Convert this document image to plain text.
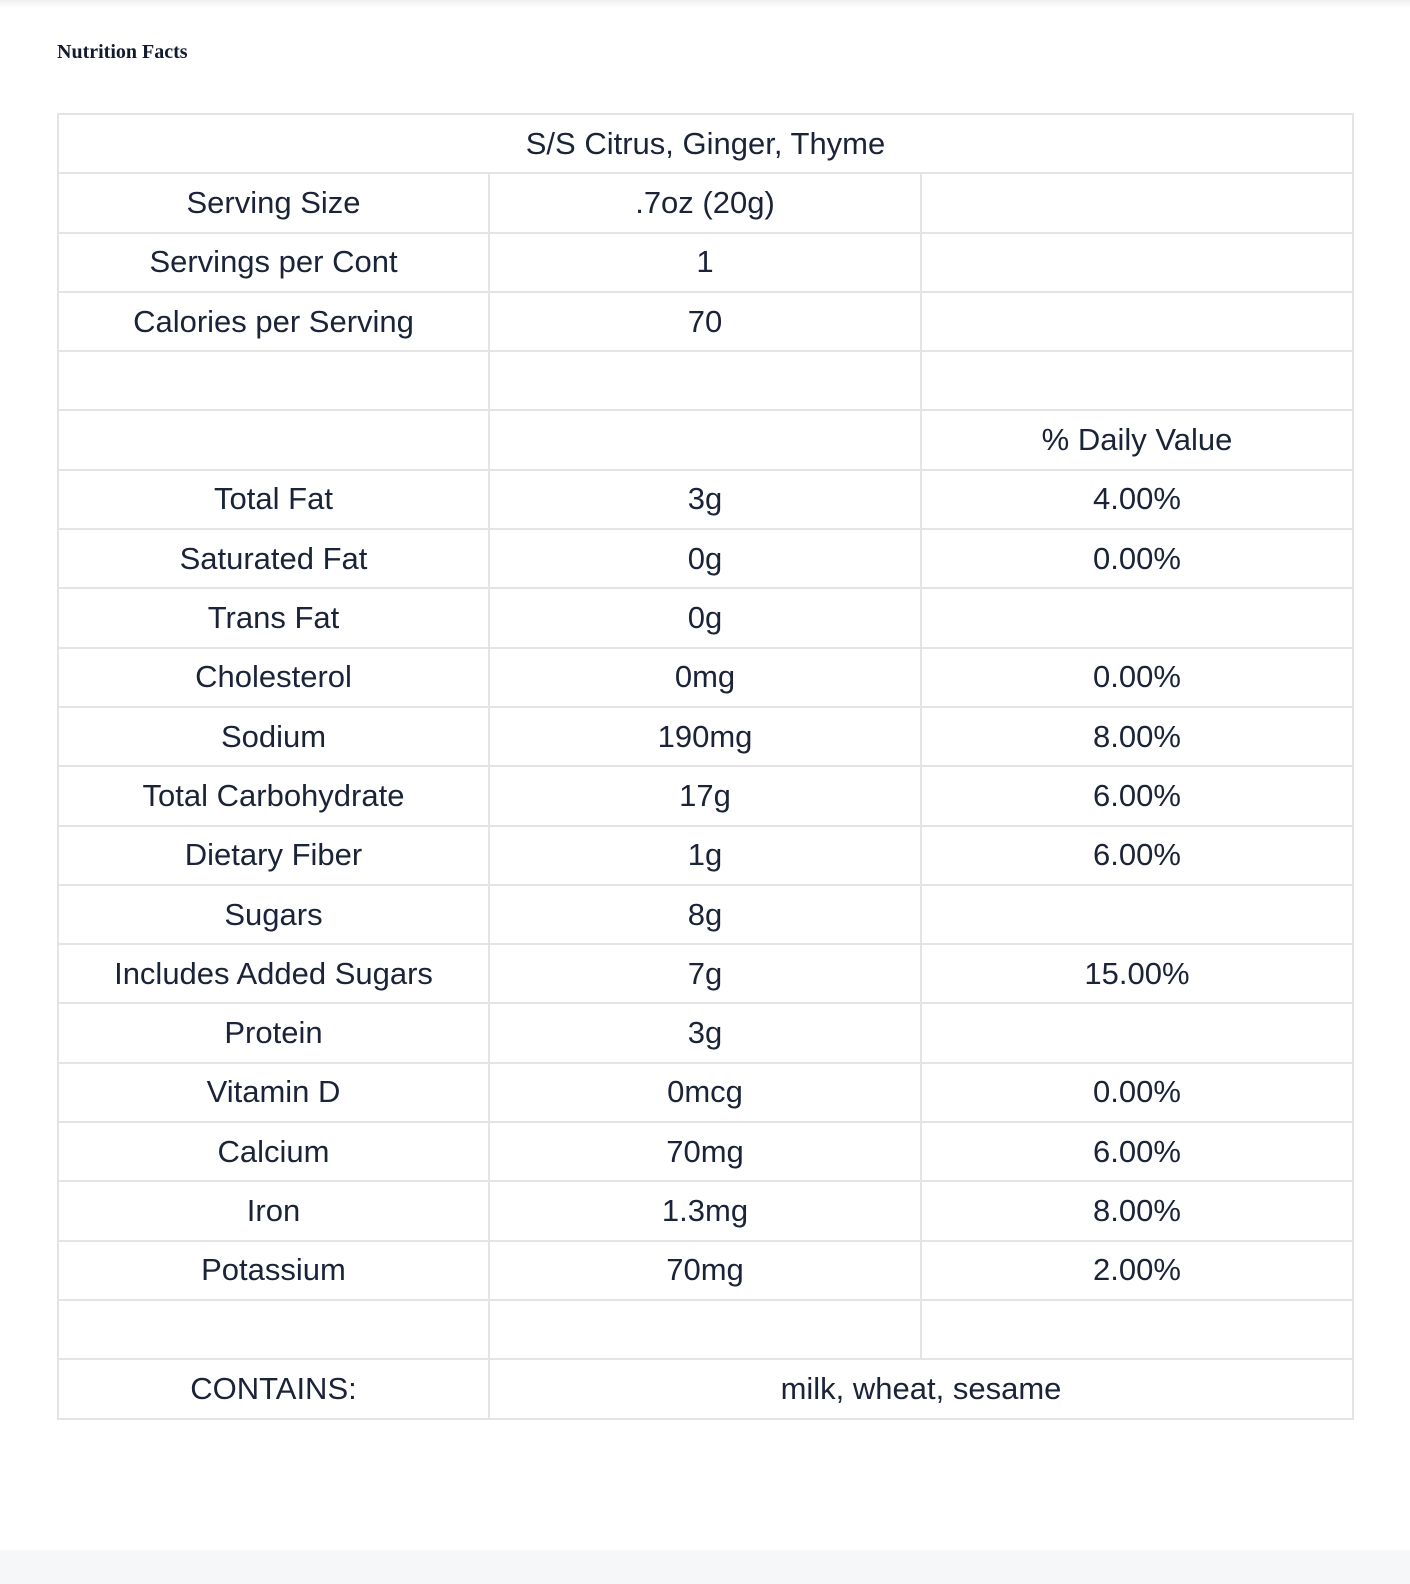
Nutrition Facts
S/S Citrus, Ginger, Thyme		
Serving Size	.7oz (20g)	
Servings per Cont	1	
Calories per Serving	70	

		% Daily Value
Total Fat	3g	4.00%
Saturated Fat	0g	0.00%
Trans Fat	0g	
Cholesterol	0mg	0.00%
Sodium	190mg	8.00%
Total Carbohydrate	17g	6.00%
Dietary Fiber	1g	6.00%
Sugars	8g	
Includes Added Sugars	7g	15.00%
Protein	3g	
Vitamin D	0mcg	0.00%
Calcium	70mg	6.00%
Iron	1.3mg	8.00%
Potassium	70mg	2.00%

CONTAINS:	milk, wheat, sesame	
